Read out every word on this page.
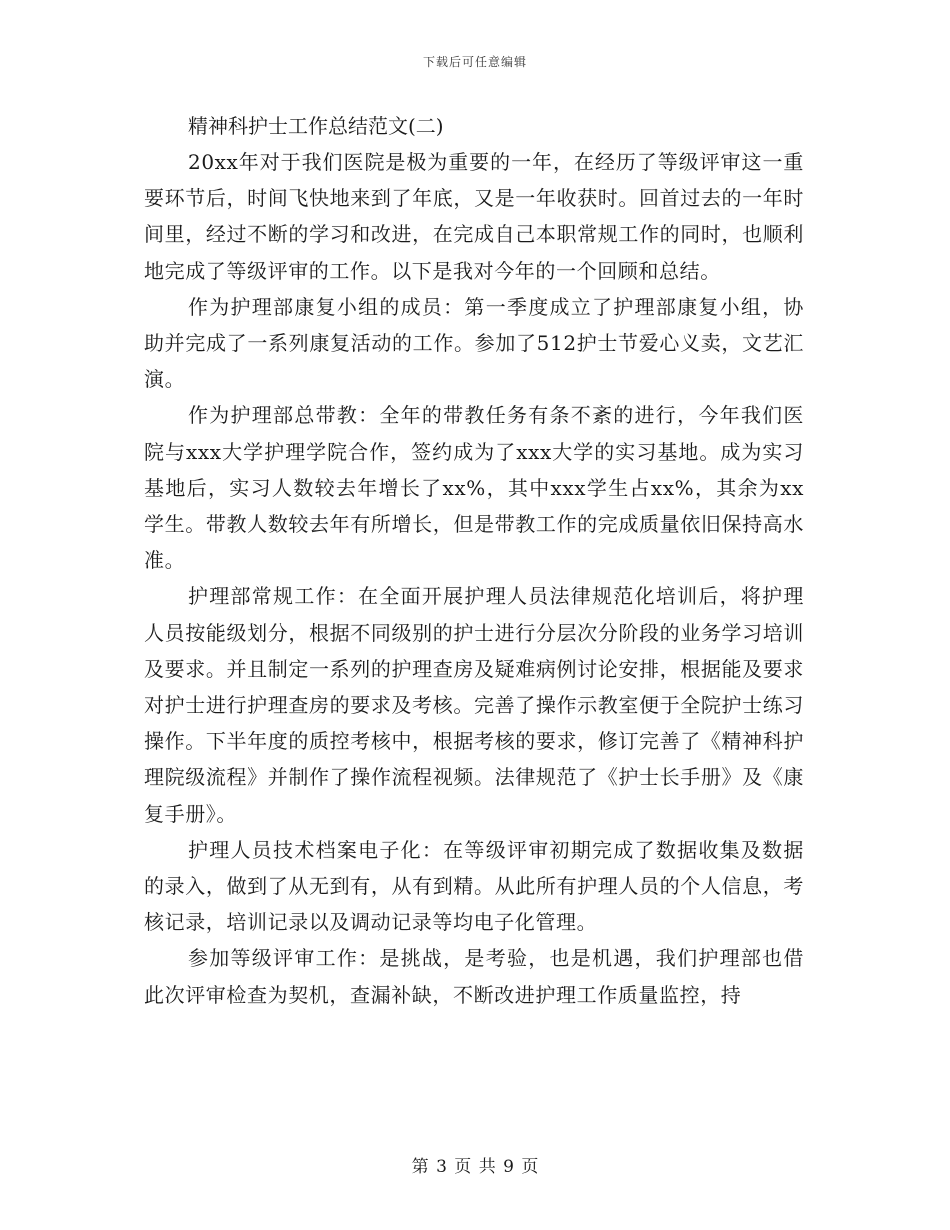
下载后可任意编辑
精神科护士工作总结范文(二)

20xx年对于我们医院是极为重要的一年，在经历了等级评审这一重要环节后，时间飞快地来到了年底，又是一年收获时。回首过去的一年时间里，经过不断的学习和改进，在完成自己本职常规工作的同时，也顺利地完成了等级评审的工作。以下是我对今年的一个回顾和总结。

作为护理部康复小组的成员：第一季度成立了护理部康复小组，协助并完成了一系列康复活动的工作。参加了512护士节爱心义卖，文艺汇演。

作为护理部总带教：全年的带教任务有条不紊的进行，今年我们医院与xxx大学护理学院合作，签约成为了xxx大学的实习基地。成为实习基地后，实习人数较去年增长了xx%，其中xxx学生占xx%，其余为xx学生。带教人数较去年有所增长，但是带教工作的完成质量依旧保持高水准。

护理部常规工作：在全面开展护理人员法律规范化培训后，将护理人员按能级划分，根据不同级别的护士进行分层次分阶段的业务学习培训及要求。并且制定一系列的护理查房及疑难病例讨论安排，根据能及要求对护士进行护理查房的要求及考核。完善了操作示教室便于全院护士练习操作。下半年度的质控考核中，根据考核的要求，修订完善了《精神科护理院级流程》并制作了操作流程视频。法律规范了《护士长手册》及《康复手册》。

护理人员技术档案电子化：在等级评审初期完成了数据收集及数据的录入，做到了从无到有，从有到精。从此所有护理人员的个人信息，考核记录，培训记录以及调动记录等均电子化管理。

参加等级评审工作：是挑战，是考验，也是机遇，我们护理部也借此次评审检查为契机，查漏补缺，不断改进护理工作质量监控，持

第 3 页 共 9 页
